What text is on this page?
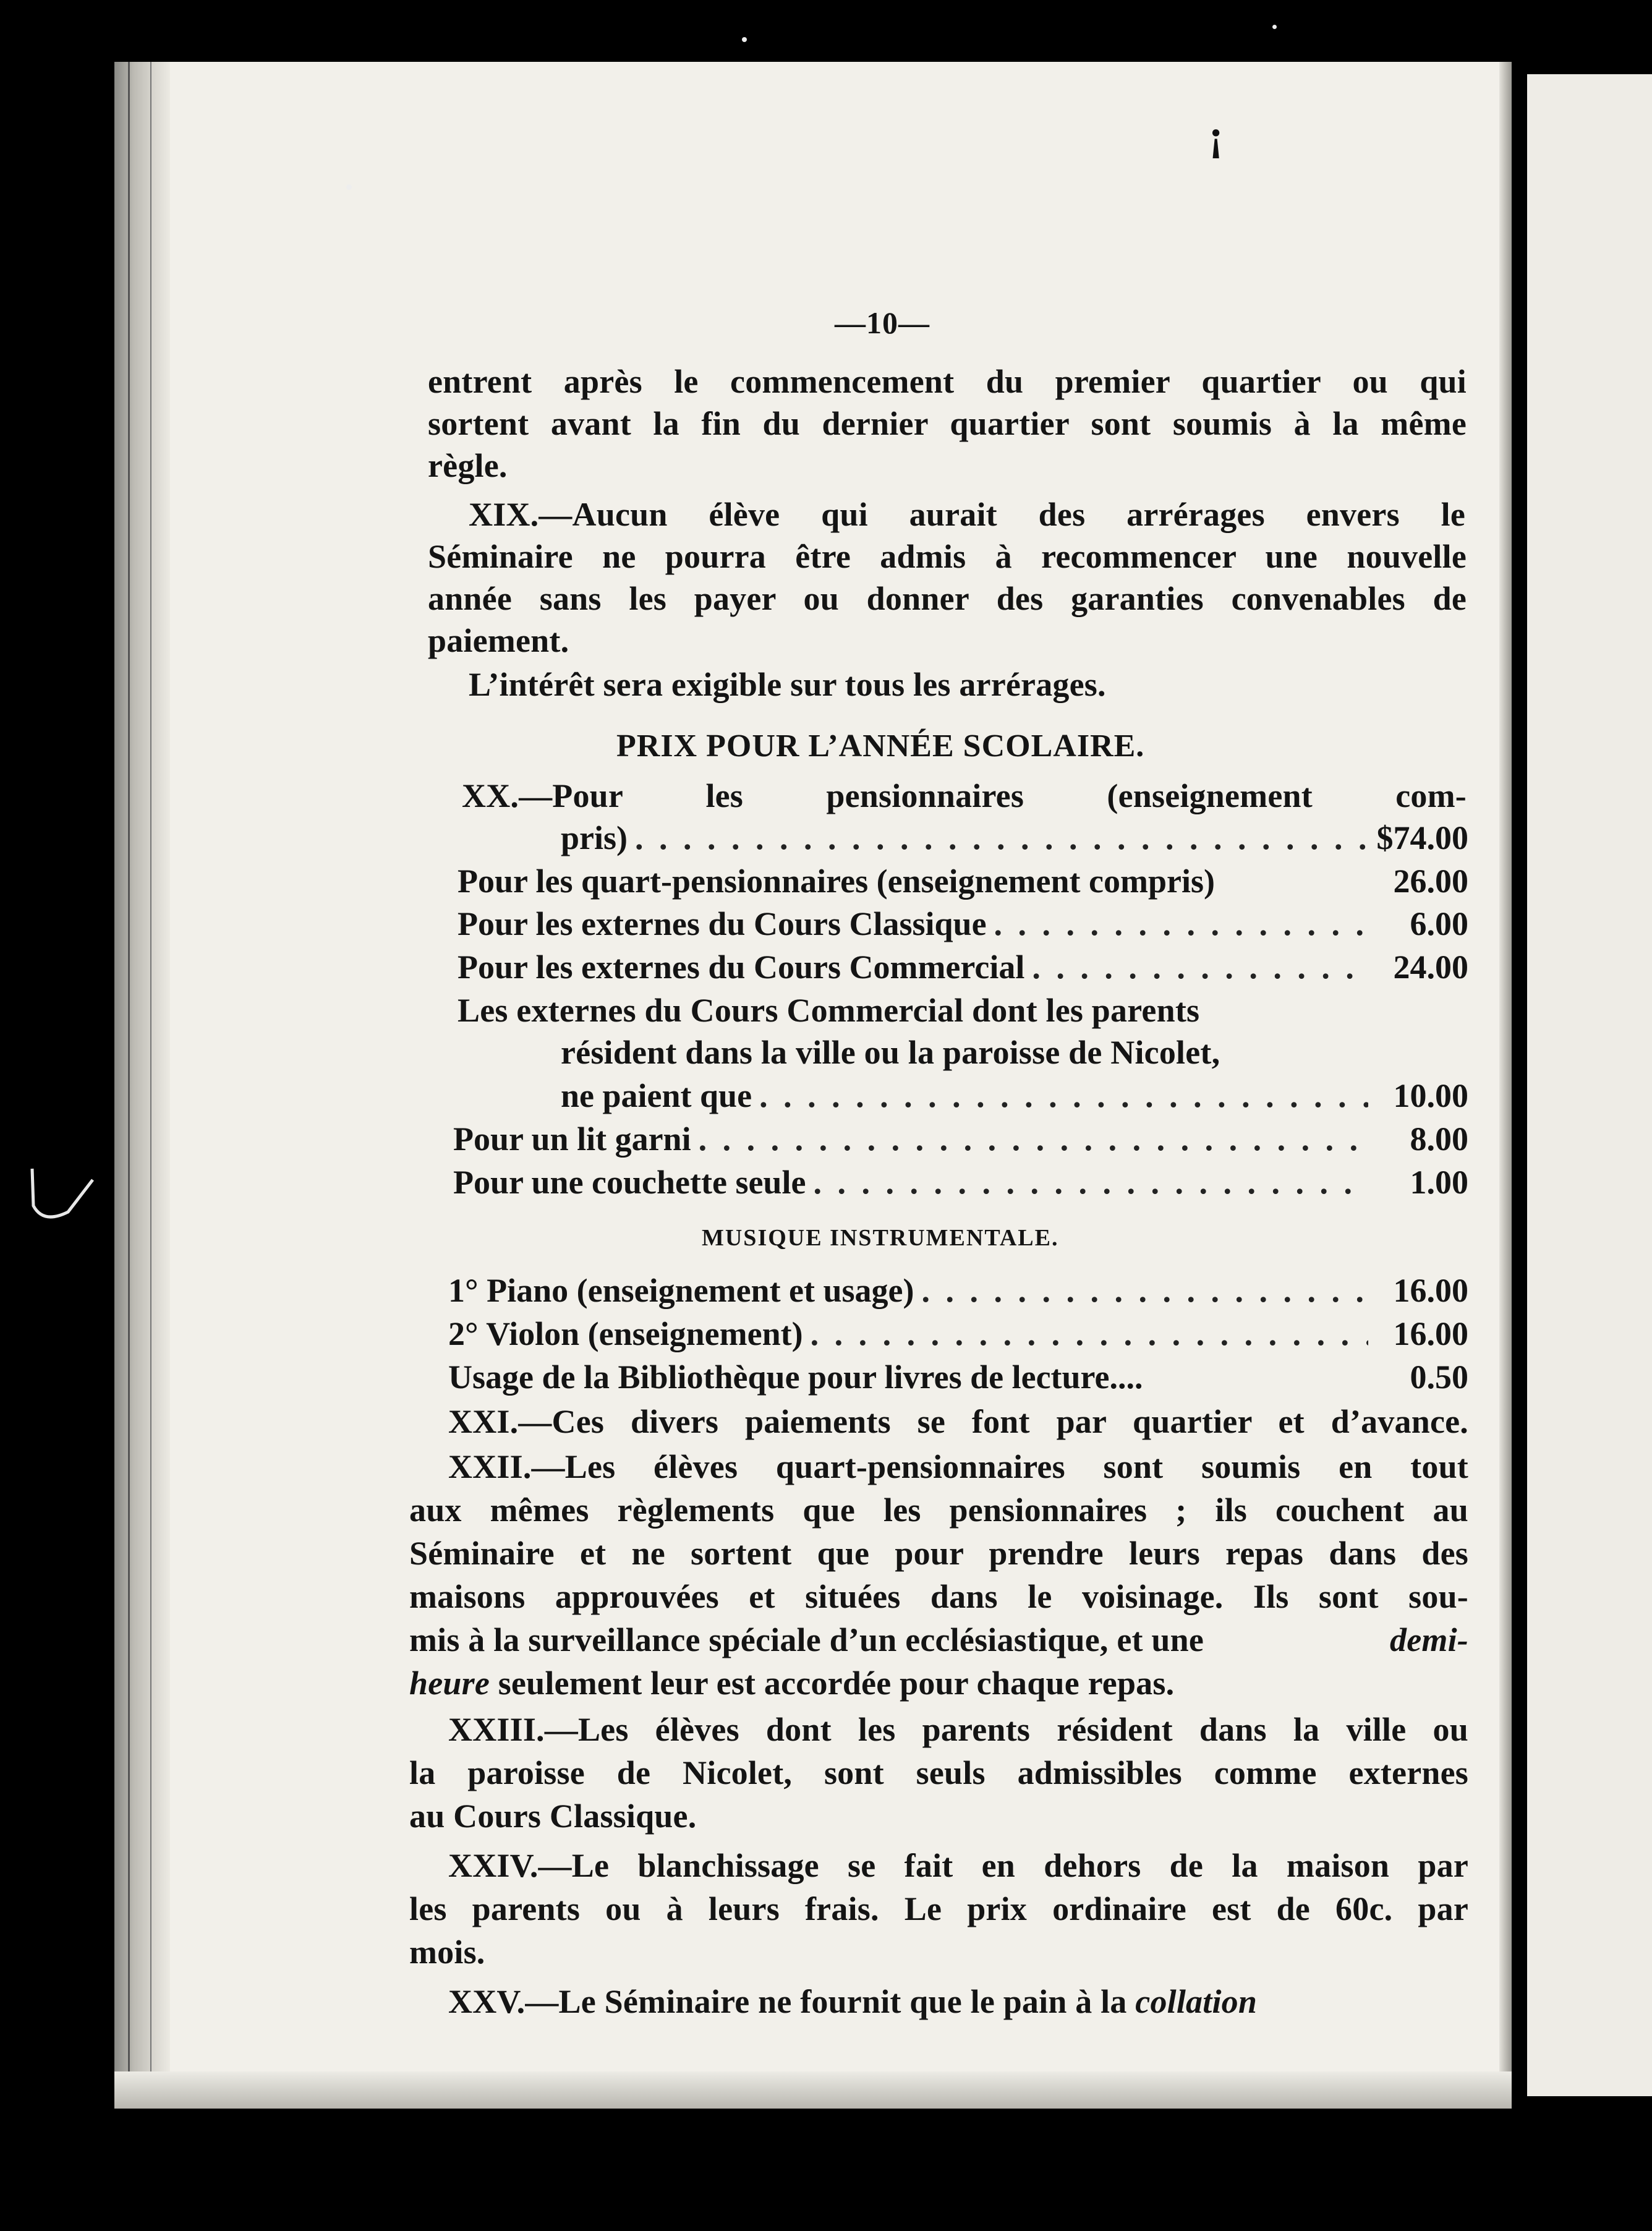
¡
—10—
entrent après le commencement du premier quartier ou qui
sortent avant la fin du dernier quartier sont soumis à la même
règle.
XIX.—Aucun élève qui aurait des arrérages envers le
Séminaire ne pourra être admis à recommencer une nouvelle
année sans les payer ou donner des garanties convenables de
paiement.
L’intérêt sera exigible sur tous les arrérages.
PRIX POUR L’ANNÉE SCOLAIRE.
XX.—Pour les pensionnaires (enseignement com-
pris) . . .	$74.00
Pour les quart-pensionnaires (enseignement compris)	26.00
Pour les externes du Cours Classique . . .	6.00
Pour les externes du Cours Commercial . . .	24.00
Les externes du Cours Commercial dont les parents
résident dans la ville ou la paroisse de Nicolet,
ne paient que . . .	10.00
Pour un lit garni . . .	8.00
Pour une couchette seule . . .	1.00
MUSIQUE INSTRUMENTALE.
1° Piano (enseignement et usage) . . .	16.00
2° Violon (enseignement) . . .	16.00
Usage de la Bibliothèque pour livres de lecture....	0.50
XXI.—Ces divers paiements se font par quartier et d’avance.
XXII.—Les élèves quart-pensionnaires sont soumis en tout
aux mêmes règlements que les pensionnaires ; ils couchent au
Séminaire et ne sortent que pour prendre leurs repas dans des
maisons approuvées et situées dans le voisinage. Ils sont sou-
mis à la surveillance spéciale d’un ecclésiastique, et une	demi-
heure seulement leur est accordée pour chaque repas.
XXIII.—Les élèves dont les parents résident dans la ville ou
la paroisse de Nicolet, sont seuls admissibles comme externes
au Cours Classique.
XXIV.—Le blanchissage se fait en dehors de la maison par
les parents ou à leurs frais. Le prix ordinaire est de 60c. par
mois.
XXV.—Le Séminaire ne fournit que le pain à la collation
